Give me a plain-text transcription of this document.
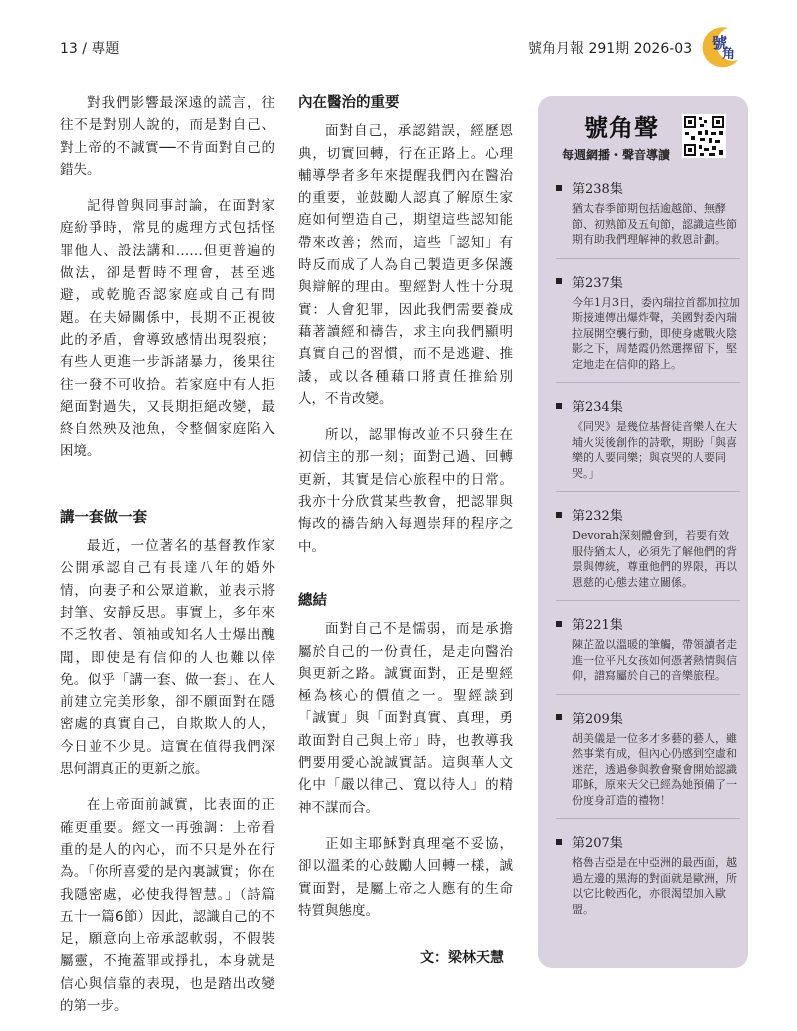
13 / 專題	號角月報 291期 2026-03 號
角

對我們影響最深遠的謊言，往往不是對別人說的，而是對自己、對上帝的不誠實──不肯面對自己的錯失。

記得曾與同事討論，在面對家庭紛爭時，常見的處理方式包括怪罪他人、設法講和……但更普遍的做法，卻是暫時不理會，甚至逃避，或乾脆否認家庭或自己有問題。在夫婦關係中，長期不正視彼此的矛盾，會導致感情出現裂痕；有些人更進一步訴諸暴力，後果往往一發不可收拾。若家庭中有人拒絕面對過失，又長期拒絕改變，最終自然殃及池魚，令整個家庭陷入困境。

講一套做一套

最近，一位著名的基督教作家公開承認自己有長達八年的婚外情，向妻子和公眾道歉，並表示將封筆、安靜反思。事實上，多年來不乏牧者、領袖或知名人士爆出醜聞，即使是有信仰的人也難以倖免。似乎「講一套、做一套」、在人前建立完美形象，卻不願面對在隱密處的真實自己，自欺欺人的人，今日並不少見。這實在值得我們深思何謂真正的更新之旅。

在上帝面前誠實，比表面的正確更重要。經文一再強調：上帝看重的是人的內心，而不只是外在行為。「你所喜愛的是內裏誠實；你在我隱密處，必使我得智慧。」（詩篇五十一篇6節）因此，認識自己的不足，願意向上帝承認軟弱，不假裝屬靈，不掩蓋罪或掙扎，本身就是信心與信靠的表現，也是踏出改變的第一步。

內在醫治的重要

面對自己，承認錯誤，經歷恩典，切實回轉，行在正路上。心理輔導學者多年來提醒我們內在醫治的重要，並鼓勵人認真了解原生家庭如何塑造自己，期望這些認知能帶來改善；然而，這些「認知」有時反而成了人為自己製造更多保護與辯解的理由。聖經對人性十分現實：人會犯罪，因此我們需要養成藉著讀經和禱告，求主向我們顯明真實自己的習慣，而不是逃避、推諉，或以各種藉口將責任推給別人，不肯改變。

所以，認罪悔改並不只發生在初信主的那一刻；面對己過、回轉更新，其實是信心旅程中的日常。我亦十分欣賞某些教會，把認罪與悔改的禱告納入每週崇拜的程序之中。

總結

面對自己不是懦弱，而是承擔屬於自己的一份責任，是走向醫治與更新之路。誠實面對，正是聖經極為核心的價值之一。聖經談到「誠實」與「面對真實、真理，勇敢面對自己與上帝」時，也教導我們要用愛心說誠實話。這與華人文化中「嚴以律己、寬以待人」的精神不謀而合。

正如主耶穌對真理毫不妥協，卻以溫柔的心鼓勵人回轉一樣，誠實面對，是屬上帝之人應有的生命特質與態度。

文：梁林天慧
號角聲
每週網播・聲音導讀
第238集
猶太春季節期包括逾越節、無酵節、初熟節及五旬節，認識這些節期有助我們理解神的救恩計劃。
第237集
今年1月3日，委內瑞拉首都加拉加斯接連傳出爆炸聲，美國對委內瑞拉展開空襲行動，即使身處戰火陰影之下，周楚霞仍然選擇留下，堅定地走在信仰的路上。
第234集
《同哭》是幾位基督徒音樂人在大埔火災後創作的詩歌，期盼「與喜樂的人要同樂；與哀哭的人要同哭。」
第232集
Devorah深刻體會到，若要有效服侍猶太人，必須先了解他們的背景與傳統，尊重他們的界限，再以恩慈的心態去建立關係。
第221集
陳芷盈以溫暖的筆觸，帶領讀者走進一位平凡女孩如何憑著熱情與信仰，譜寫屬於自己的音樂旅程。
第209集
胡美儀是一位多才多藝的藝人，雖然事業有成，但內心仍感到空虛和迷茫，透過參與教會聚會開始認識耶穌，原來天父已經為她預備了一份度身訂造的禮物！
第207集
格魯吉亞是在中亞洲的最西面，越過左邊的黑海的對面就是歐洲，所以它比較西化，亦很渴望加入歐盟。
